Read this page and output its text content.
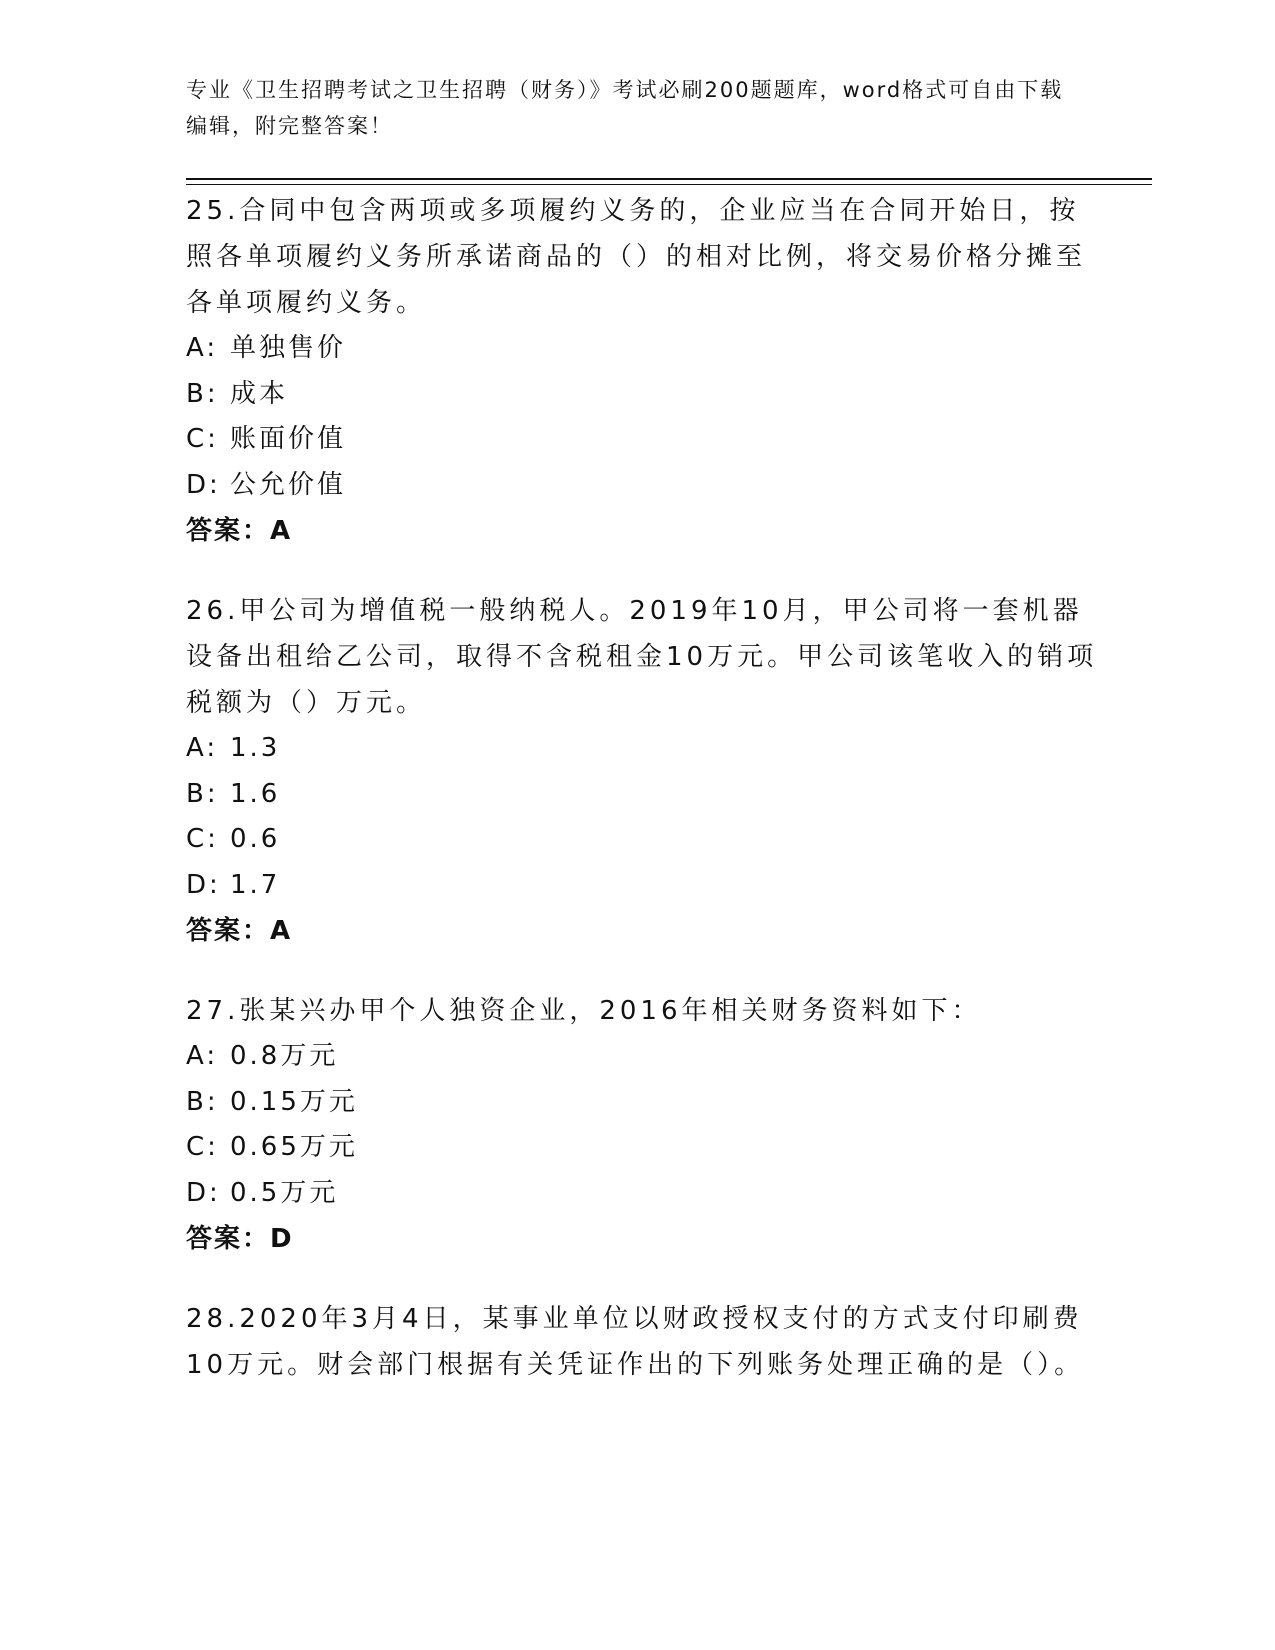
专业《卫生招聘考试之卫生招聘（财务）》考试必刷200题题库，word格式可自由下载编辑，附完整答案！

25.合同中包含两项或多项履约义务的，企业应当在合同开始日，按照各单项履约义务所承诺商品的（）的相对比例，将交易价格分摊至各单项履约义务。

A: 单独售价

B: 成本

C: 账面价值

D: 公允价值

答案：A

26.甲公司为增值税一般纳税人。2019年10月，甲公司将一套机器设备出租给乙公司，取得不含税租金10万元。甲公司该笔收入的销项税额为（）万元。

A: 1.3

B: 1.6

C: 0.6

D: 1.7

答案：A

27.张某兴办甲个人独资企业，2016年相关财务资料如下：

A: 0.8万元

B: 0.15万元

C: 0.65万元

D: 0.5万元

答案：D

28.2020年3月4日，某事业单位以财政授权支付的方式支付印刷费10万元。财会部门根据有关凭证作出的下列账务处理正确的是（）。
